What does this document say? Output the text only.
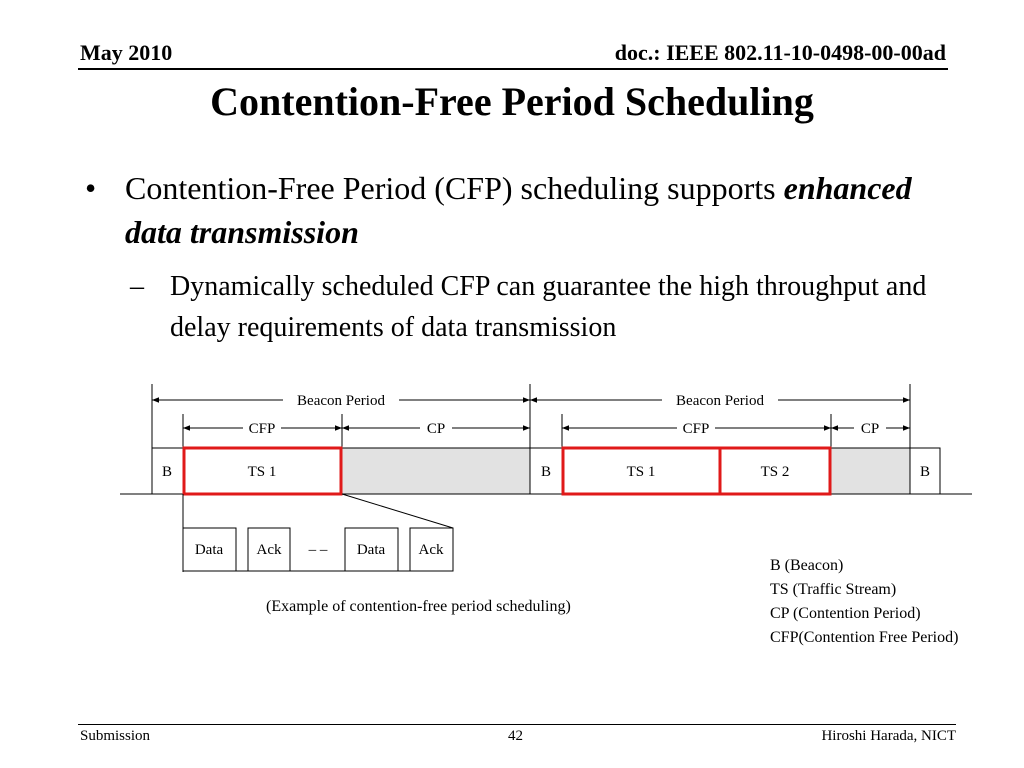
May 2010	doc.: IEEE 802.11-10-0498-00-00ad
Contention-Free Period Scheduling
• Contention-Free Period (CFP) scheduling supports enhanced data transmission
– Dynamically scheduled CFP can guarantee the high throughput and delay requirements of data transmission
Beacon Period	Beacon Period
CFP	CP	CFP	CP
B	TS 1	B	TS 1	TS 2	B
Data Ack – – Data Ack
(Example of contention-free period scheduling)
B (Beacon)
TS (Traffic Stream)
CP (Contention Period)
CFP(Contention Free Period)
Submission	42	Hiroshi Harada, NICT
